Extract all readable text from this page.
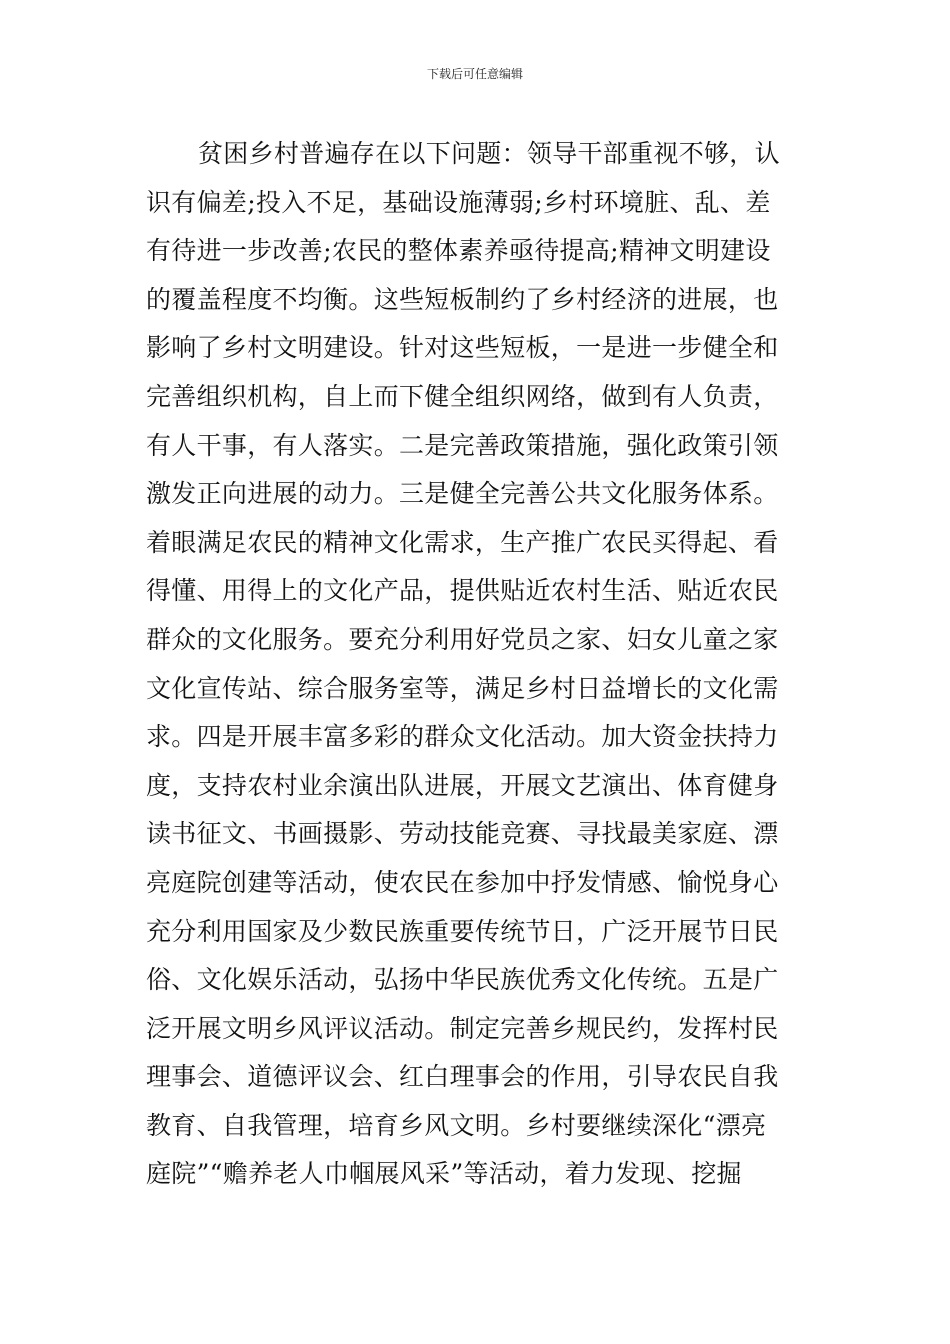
下载后可任意编辑
贫困乡村普遍存在以下问题：领导干部重视不够，认
识有偏差;投入不足，基础设施薄弱;乡村环境脏、乱、差
有待进一步改善;农民的整体素养亟待提高;精神文明建设
的覆盖程度不均衡。这些短板制约了乡村经济的进展，也
影响了乡村文明建设。针对这些短板，一是进一步健全和
完善组织机构，自上而下健全组织网络，做到有人负责，
有人干事，有人落实。二是完善政策措施，强化政策引领
激发正向进展的动力。三是健全完善公共文化服务体系。
着眼满足农民的精神文化需求，生产推广农民买得起、看
得懂、用得上的文化产品，提供贴近农村生活、贴近农民
群众的文化服务。要充分利用好党员之家、妇女儿童之家
文化宣传站、综合服务室等，满足乡村日益增长的文化需
求。四是开展丰富多彩的群众文化活动。加大资金扶持力
度，支持农村业余演出队进展，开展文艺演出、体育健身
读书征文、书画摄影、劳动技能竞赛、寻找最美家庭、漂
亮庭院创建等活动，使农民在参加中抒发情感、愉悦身心
充分利用国家及少数民族重要传统节日，广泛开展节日民
俗、文化娱乐活动，弘扬中华民族优秀文化传统。五是广
泛开展文明乡风评议活动。制定完善乡规民约，发挥村民
理事会、道德评议会、红白理事会的作用，引导农民自我
教育、自我管理，培育乡风文明。乡村要继续深化“漂亮
庭院”“赡养老人巾帼展风采”等活动，着力发现、挖掘
